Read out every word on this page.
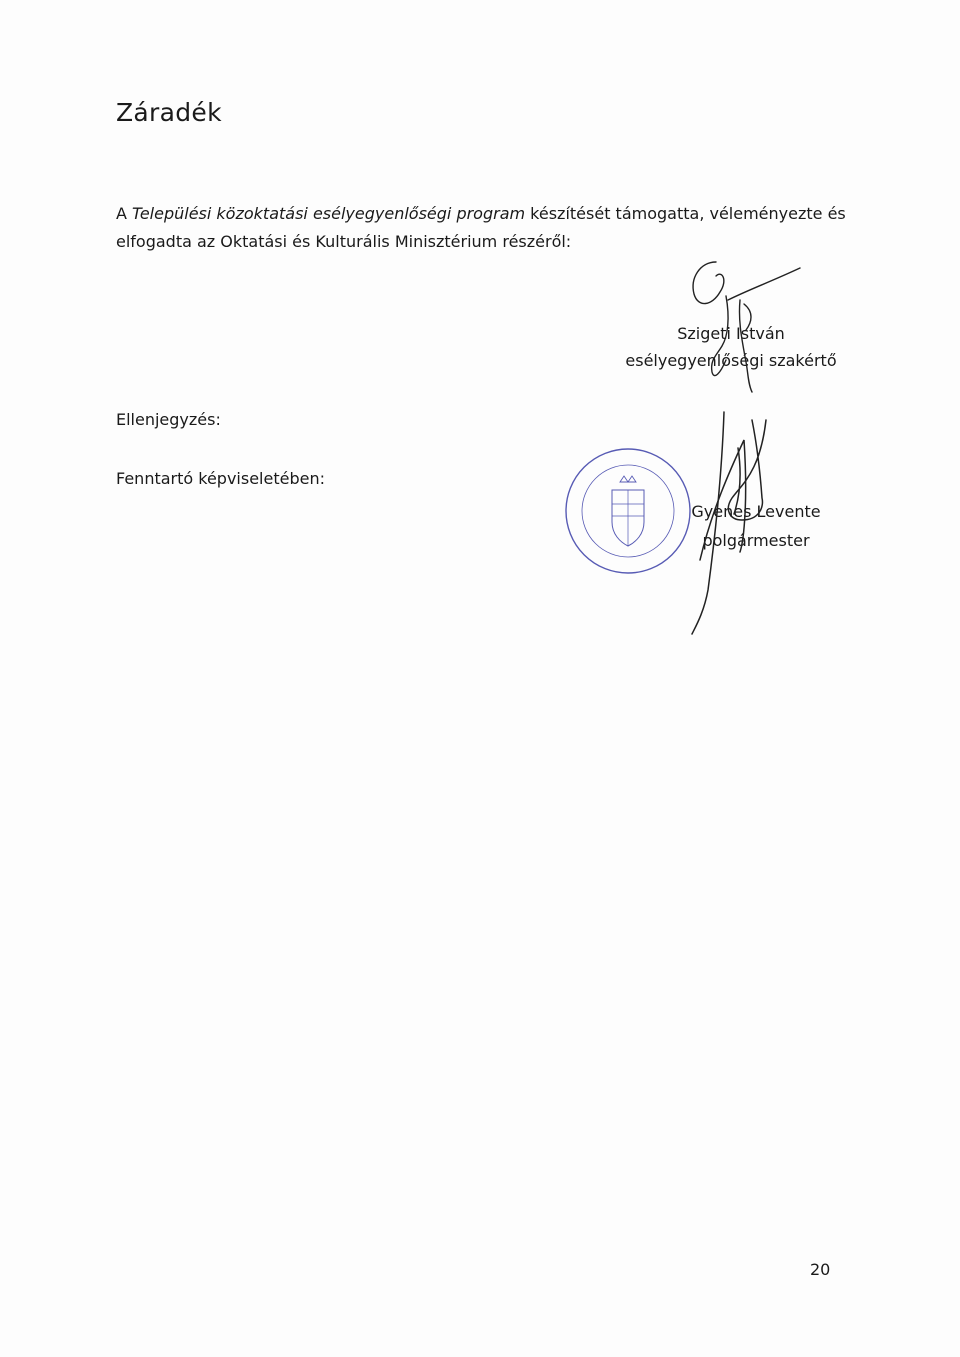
Záradék
A Települési közoktatási esélyegyenlőségi program készítését támogatta, véleményezte és elfogadta az Oktatási és Kulturális Minisztérium részéről:
Szigeti István
esélyegyenlőségi szakértő
Ellenjegyzés:
Fenntartó képviseletében:
Gyenes Levente
polgármester
20
